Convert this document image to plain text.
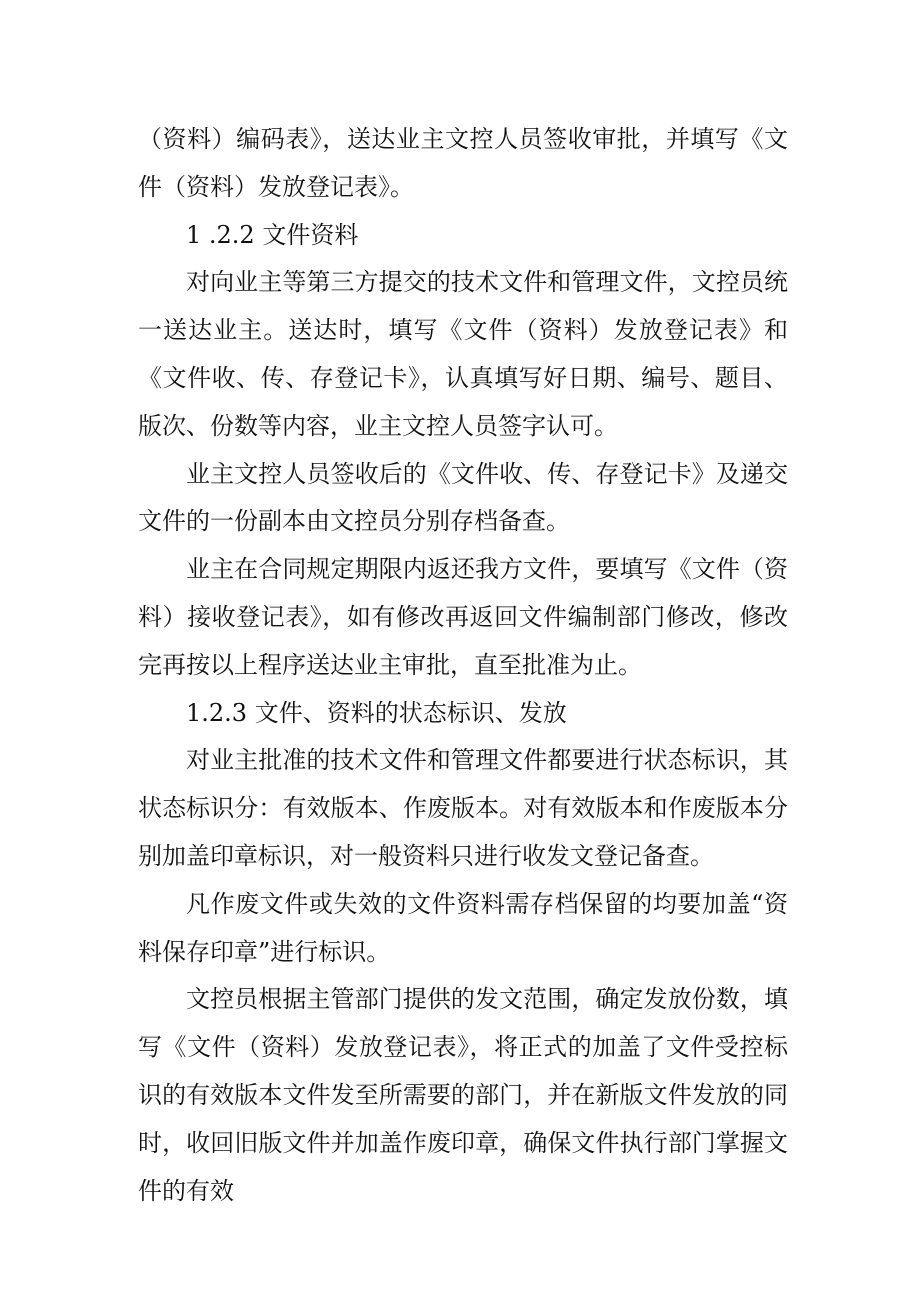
（资料）编码表》，送达业主文控人员签收审批，并填写《文件（资料）发放登记表》。

1 .2.2 文件资料

对向业主等第三方提交的技术文件和管理文件，文控员统一送达业主。送达时，填写《文件（资料）发放登记表》和《文件收、传、存登记卡》，认真填写好日期、编号、题目、版次、份数等内容，业主文控人员签字认可。

业主文控人员签收后的《文件收、传、存登记卡》及递交文件的一份副本由文控员分别存档备查。

业主在合同规定期限内返还我方文件，要填写《文件（资料）接收登记表》，如有修改再返回文件编制部门修改，修改完再按以上程序送达业主审批，直至批准为止。

1.2.3 文件、资料的状态标识、发放

对业主批准的技术文件和管理文件都要进行状态标识，其状态标识分：有效版本、作废版本。对有效版本和作废版本分别加盖印章标识，对一般资料只进行收发文登记备查。

凡作废文件或失效的文件资料需存档保留的均要加盖“资料保存印章”进行标识。

文控员根据主管部门提供的发文范围，确定发放份数，填写《文件（资料）发放登记表》，将正式的加盖了文件受控标识的有效版本文件发至所需要的部门，并在新版文件发放的同时，收回旧版文件并加盖作废印章，确保文件执行部门掌握文件的有效
